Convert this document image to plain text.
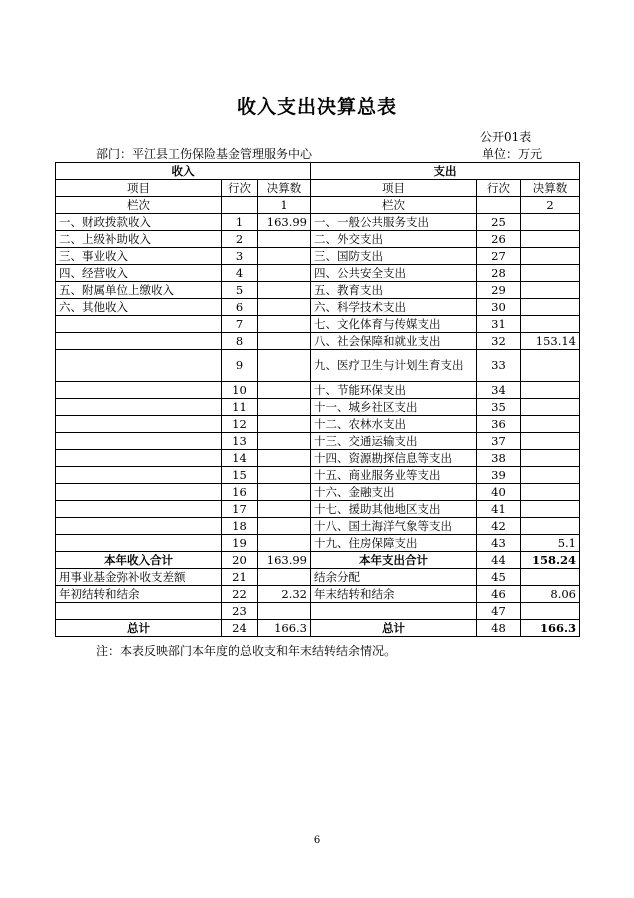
收入支出决算总表
公开01表
部门：平江县工伤保险基金管理服务中心	单位：万元
收入			支出		
项目	行次	决算数	项目	行次	决算数
栏次		1	栏次		2
一、财政拨款收入	1	163.99	一、一般公共服务支出	25	
二、上级补助收入	2		二、外交支出	26	
三、事业收入	3		三、国防支出	27	
四、经营收入	4		四、公共安全支出	28	
五、附属单位上缴收入	5		五、教育支出	29	
六、其他收入	6		六、科学技术支出	30	
	7		七、文化体育与传媒支出	31	
	8		八、社会保障和就业支出	32	153.14
	9		九、医疗卫生与计划生育支出	33	
	10		十、节能环保支出	34	
	11		十一、城乡社区支出	35	
	12		十二、农林水支出	36	
	13		十三、交通运输支出	37	
	14		十四、资源勘探信息等支出	38	
	15		十五、商业服务业等支出	39	
	16		十六、金融支出	40	
	17		十七、援助其他地区支出	41	
	18		十八、国土海洋气象等支出	42	
	19		十九、住房保障支出	43	5.1
本年收入合计	20	163.99	本年支出合计	44	158.24
用事业基金弥补收支差额	21		结余分配	45	
年初结转和结余	22	2.32	年末结转和结余	46	8.06
	23			47	
总计	24	166.3	总计	48	166.3
注：本表反映部门本年度的总收支和年末结转结余情况。
6
